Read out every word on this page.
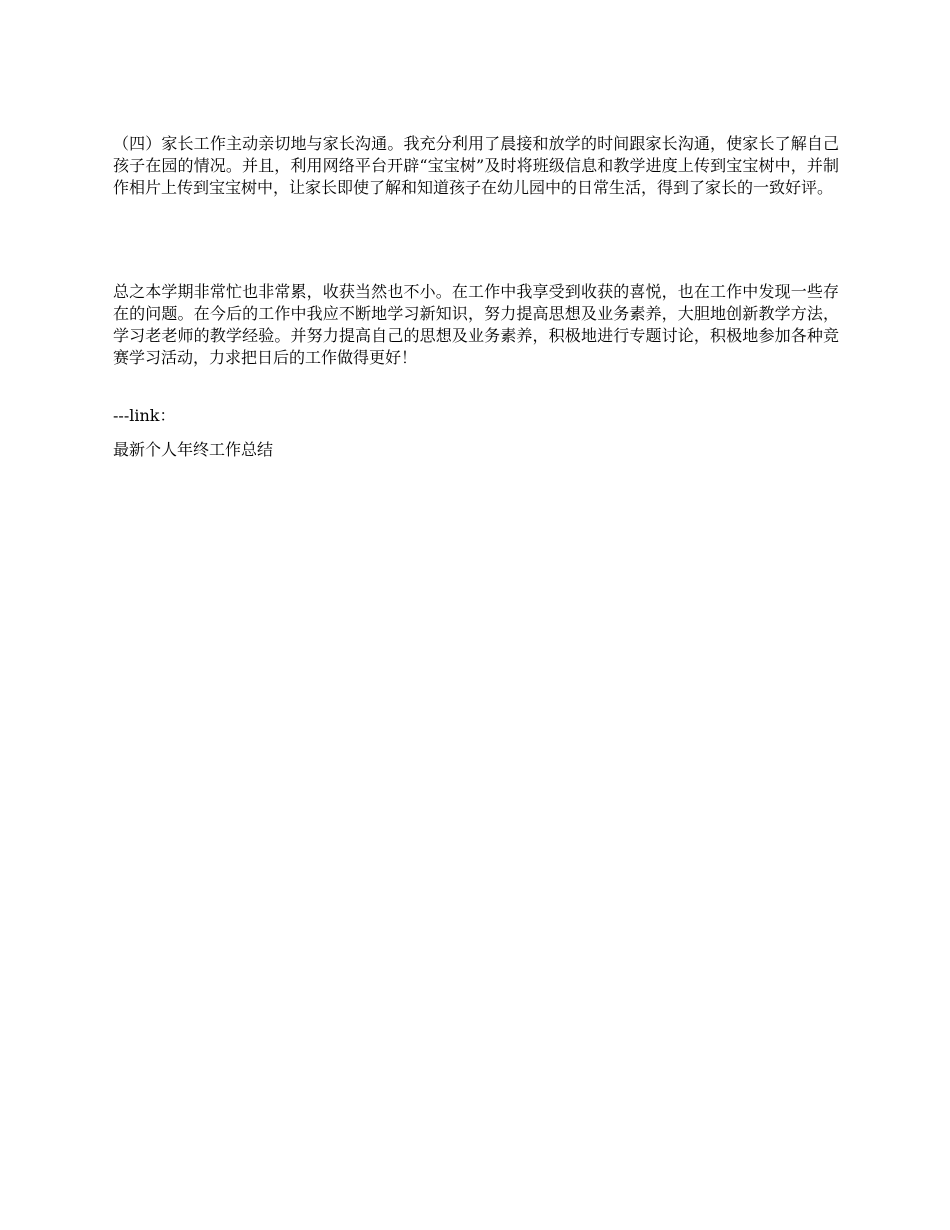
（四）家长工作主动亲切地与家长沟通。我充分利用了晨接和放学的时间跟家长沟通，使家长了解自己孩子在园的情况。并且，利用网络平台开辟“宝宝树”及时将班级信息和教学进度上传到宝宝树中，并制作相片上传到宝宝树中，让家长即使了解和知道孩子在幼儿园中的日常生活，得到了家长的一致好评。

总之本学期非常忙也非常累，收获当然也不小。在工作中我享受到收获的喜悦，也在工作中发现一些存在的问题。在今后的工作中我应不断地学习新知识，努力提高思想及业务素养，大胆地创新教学方法，学习老老师的教学经验。并努力提高自己的思想及业务素养，积极地进行专题讨论，积极地参加各种竞赛学习活动，力求把日后的工作做得更好！

---link：

最新个人年终工作总结
